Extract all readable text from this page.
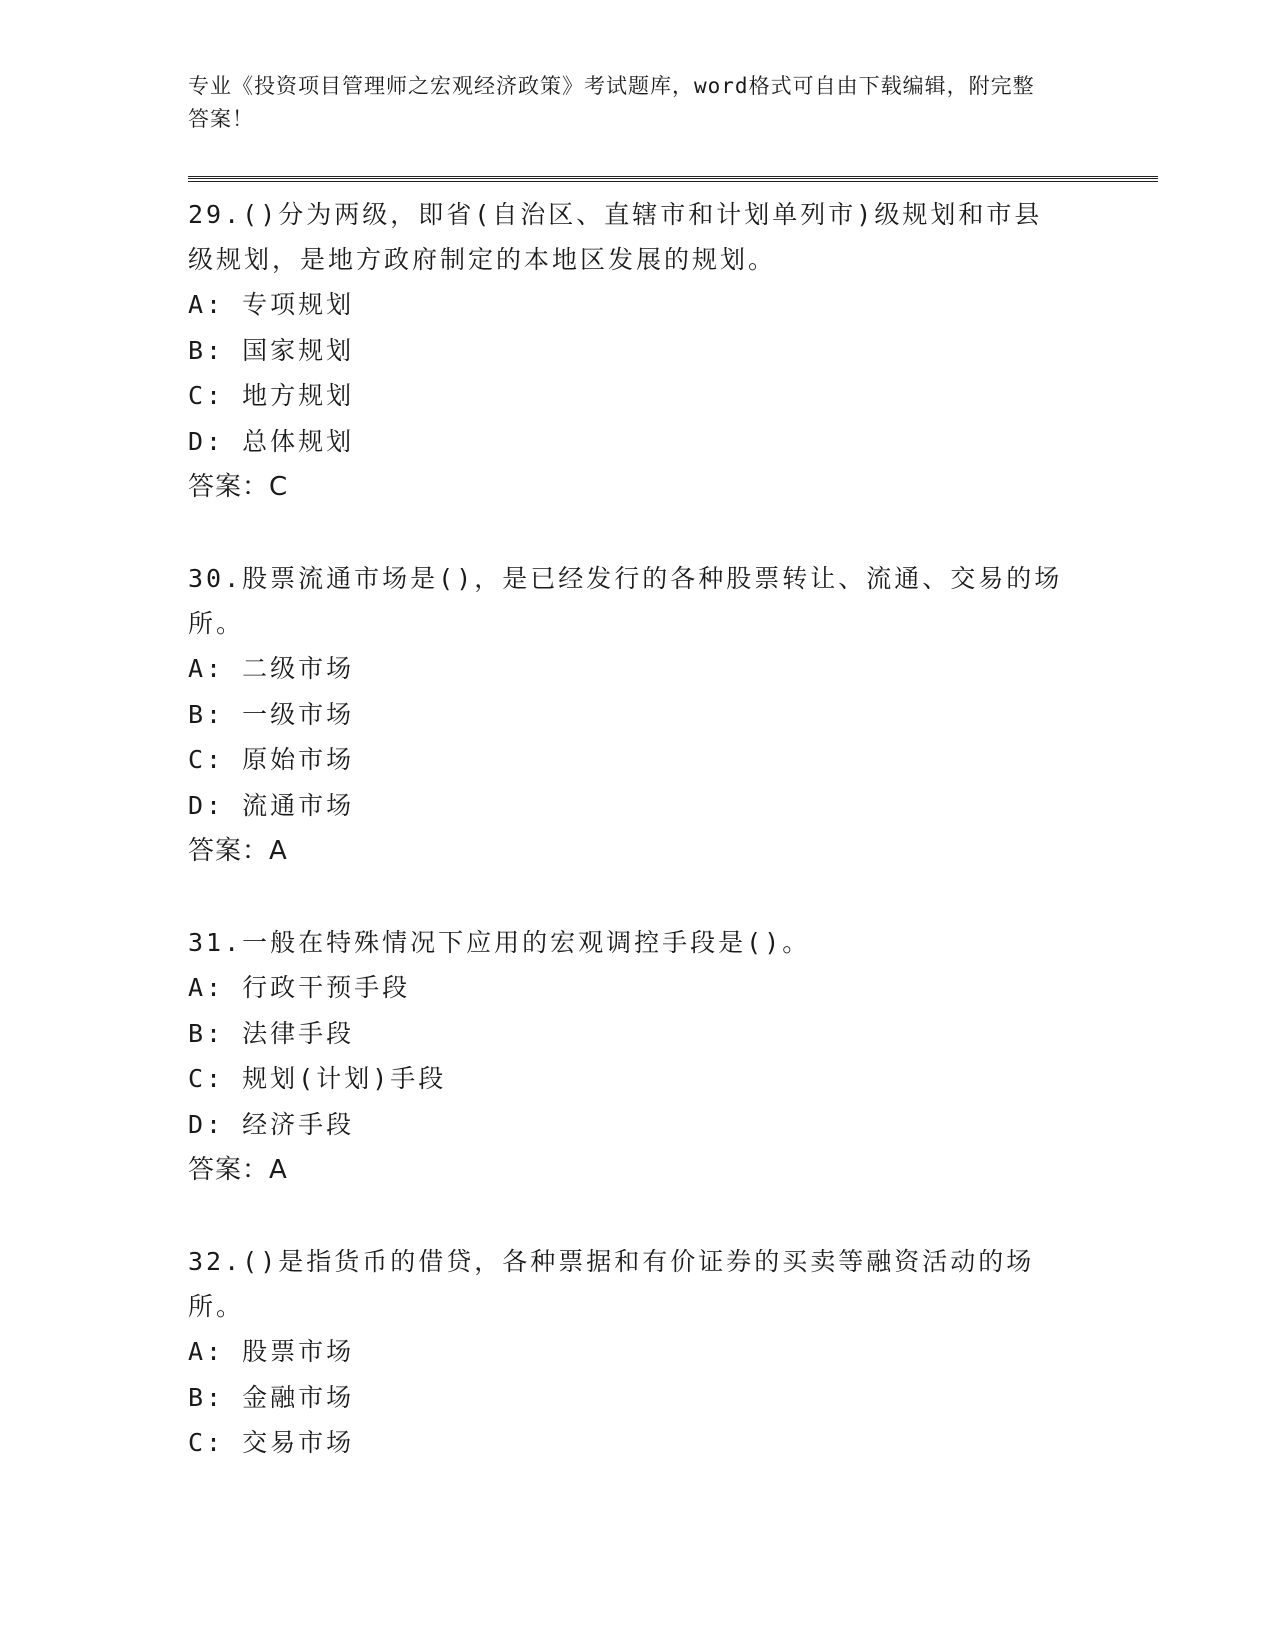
专业《投资项目管理师之宏观经济政策》考试题库，word格式可自由下载编辑，附完整答案！

29.()分为两级，即省(自治区、直辖市和计划单列市)级规划和市县级规划，是地方政府制定的本地区发展的规划。

A: 专项规划

B: 国家规划

C: 地方规划

D: 总体规划

答案：C

30.股票流通市场是()，是已经发行的各种股票转让、流通、交易的场所。

A: 二级市场

B: 一级市场

C: 原始市场

D: 流通市场

答案：A

31.一般在特殊情况下应用的宏观调控手段是()。

A: 行政干预手段

B: 法律手段

C: 规划(计划)手段

D: 经济手段

答案：A

32.()是指货币的借贷，各种票据和有价证券的买卖等融资活动的场所。

A: 股票市场

B: 金融市场

C: 交易市场
